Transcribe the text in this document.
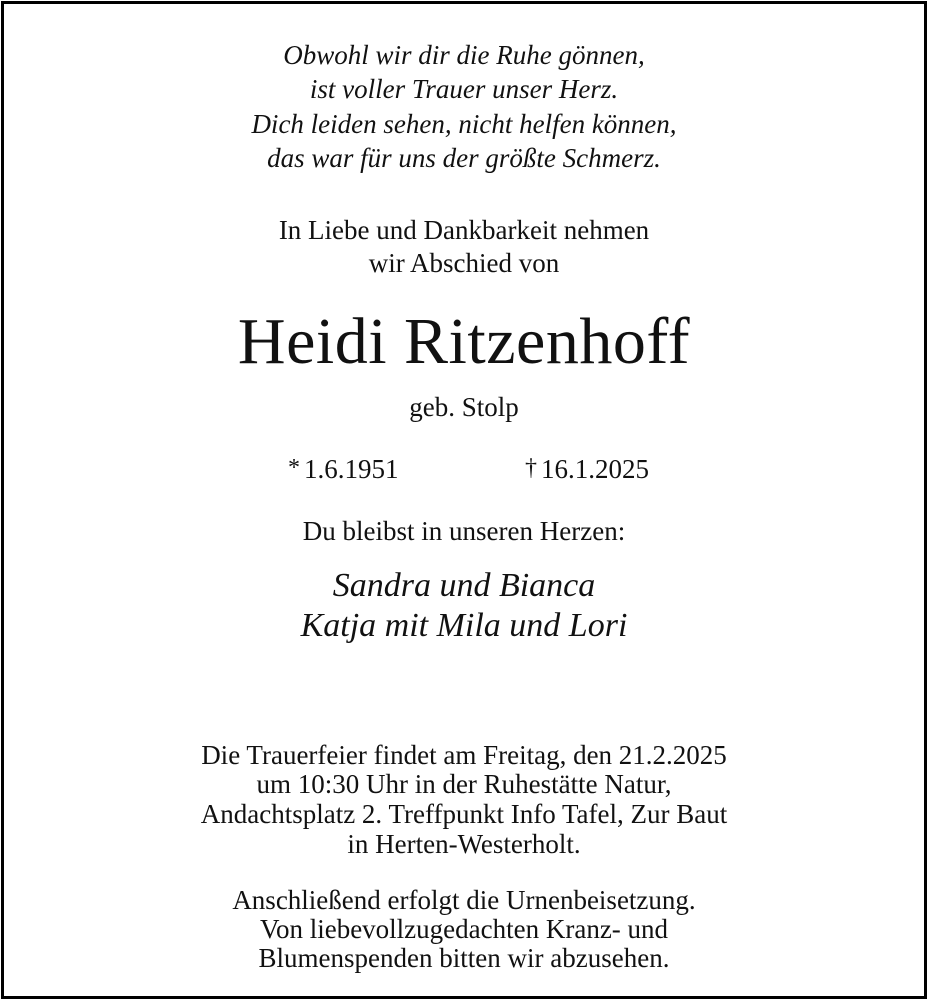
Obwohl wir dir die Ruhe gönnen,
ist voller Trauer unser Herz.
Dich leiden sehen, nicht helfen können,
das war für uns der größte Schmerz.
In Liebe und Dankbarkeit nehmen
wir Abschied von
Heidi Ritzenhoff
geb. Stolp
* 1.6.1951	† 16.1.2025
Du bleibst in unseren Herzen:
Sandra und Bianca
Katja mit Mila und Lori
Die Trauerfeier findet am Freitag, den 21.2.2025
um 10:30 Uhr in der Ruhestätte Natur,
Andachtsplatz 2. Treffpunkt Info Tafel, Zur Baut
in Herten-Westerholt.
Anschließend erfolgt die Urnenbeisetzung.
Von liebevollzugedachten Kranz- und
Blumenspenden bitten wir abzusehen.
